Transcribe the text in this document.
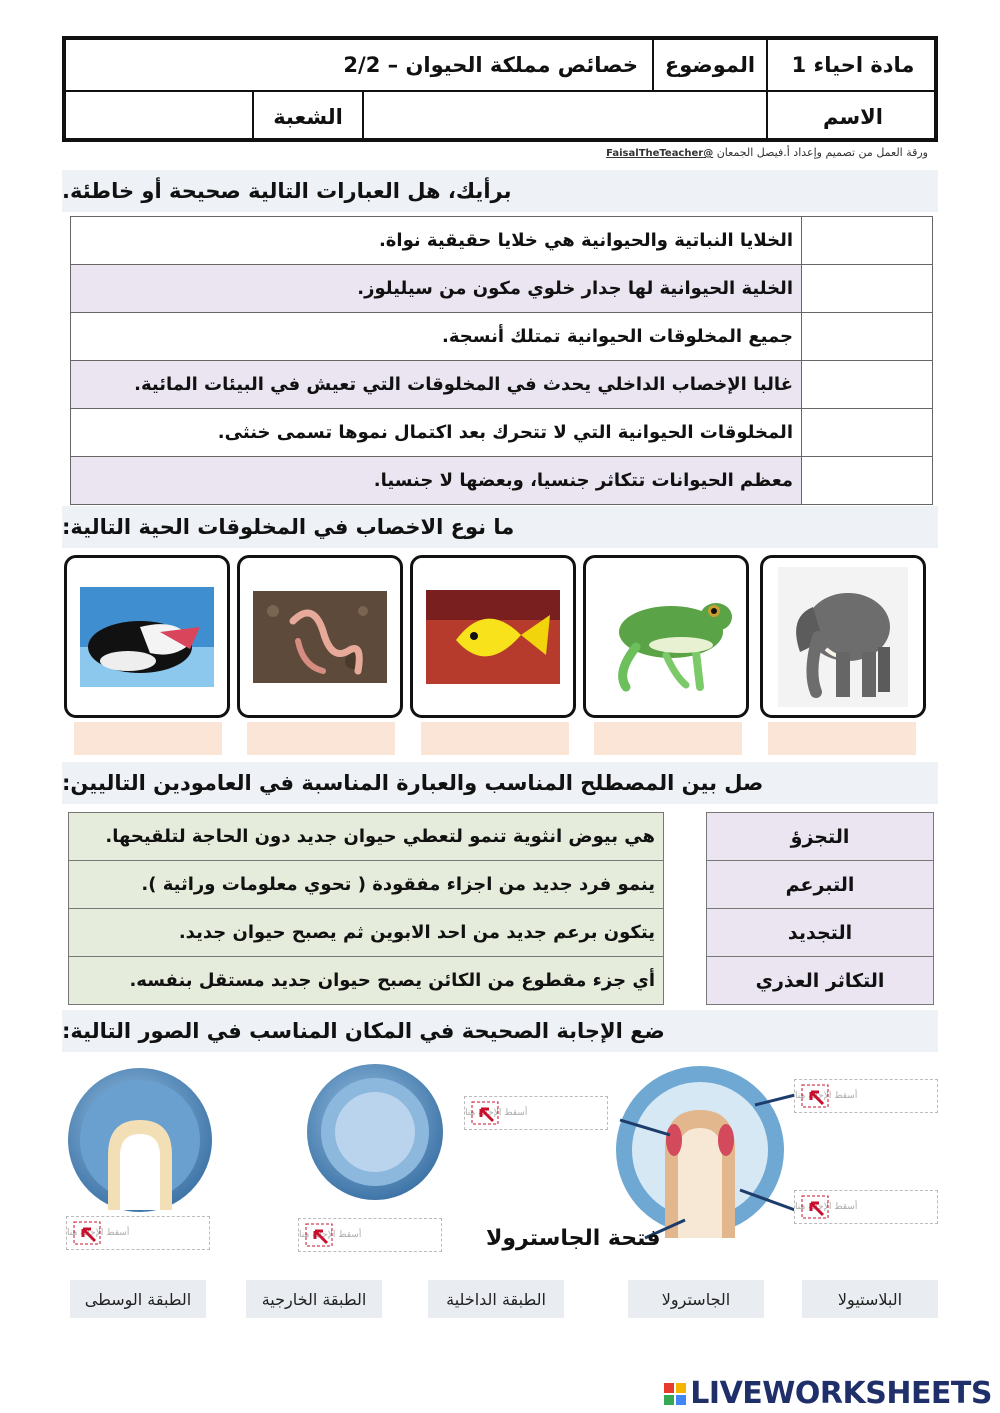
مادة احياء 1
الموضوع
خصائص مملكة الحيوان – 2/2
الاسم
الشعبة
ورقة العمل من تصميم وإعداد أ.فيصل الجمعان @FaisalTheTeacher
برأيك، هل العبارات التالية صحيحة أو خاطئة.
الخلايا النباتية والحيوانية هي خلايا حقيقية نواة.
الخلية الحيوانية لها جدار خلوي مكون من سيليلوز.
جميع المخلوقات الحيوانية تمتلك أنسجة.
غالبا الإخصاب الداخلي يحدث في المخلوقات التي تعيش في البيئات المائية.
المخلوقات الحيوانية التي لا تتحرك بعد اكتمال نموها تسمى خنثى.
معظم الحيوانات تتكاثر جنسيا، وبعضها لا جنسيا.
ما نوع الاخصاب في المخلوقات الحية التالية:
صل بين المصطلح المناسب والعبارة المناسبة في العامودين التاليين:
هي بيوض انثوية تنمو لتعطي حيوان جديد دون الحاجة لتلقيحها.
ينمو فرد جديد من اجزاء مفقودة ( تحوي معلومات وراثية ).
يتكون برعم جديد من احد الابوين ثم يصبح حيوان جديد.
أي جزء مقطوع من الكائن يصبح حيوان جديد مستقل بنفسه.
التجزؤ
التبرعم
التجديد
التكاثر العذري
ضع الإجابة الصحيحة في المكان المناسب في الصور التالية:
فتحة الجاسترولا
أسقط الإجابة هنا
أسقط الإجابة هنا
أسقط الإجابة هنا
أسقط الإجابة هنا	أسقط الإجابة هنا
البلاستيولا
الجاسترولا
الطبقة الداخلية
الطبقة الخارجية
الطبقة الوسطى
LIVEWORKSHEETS
